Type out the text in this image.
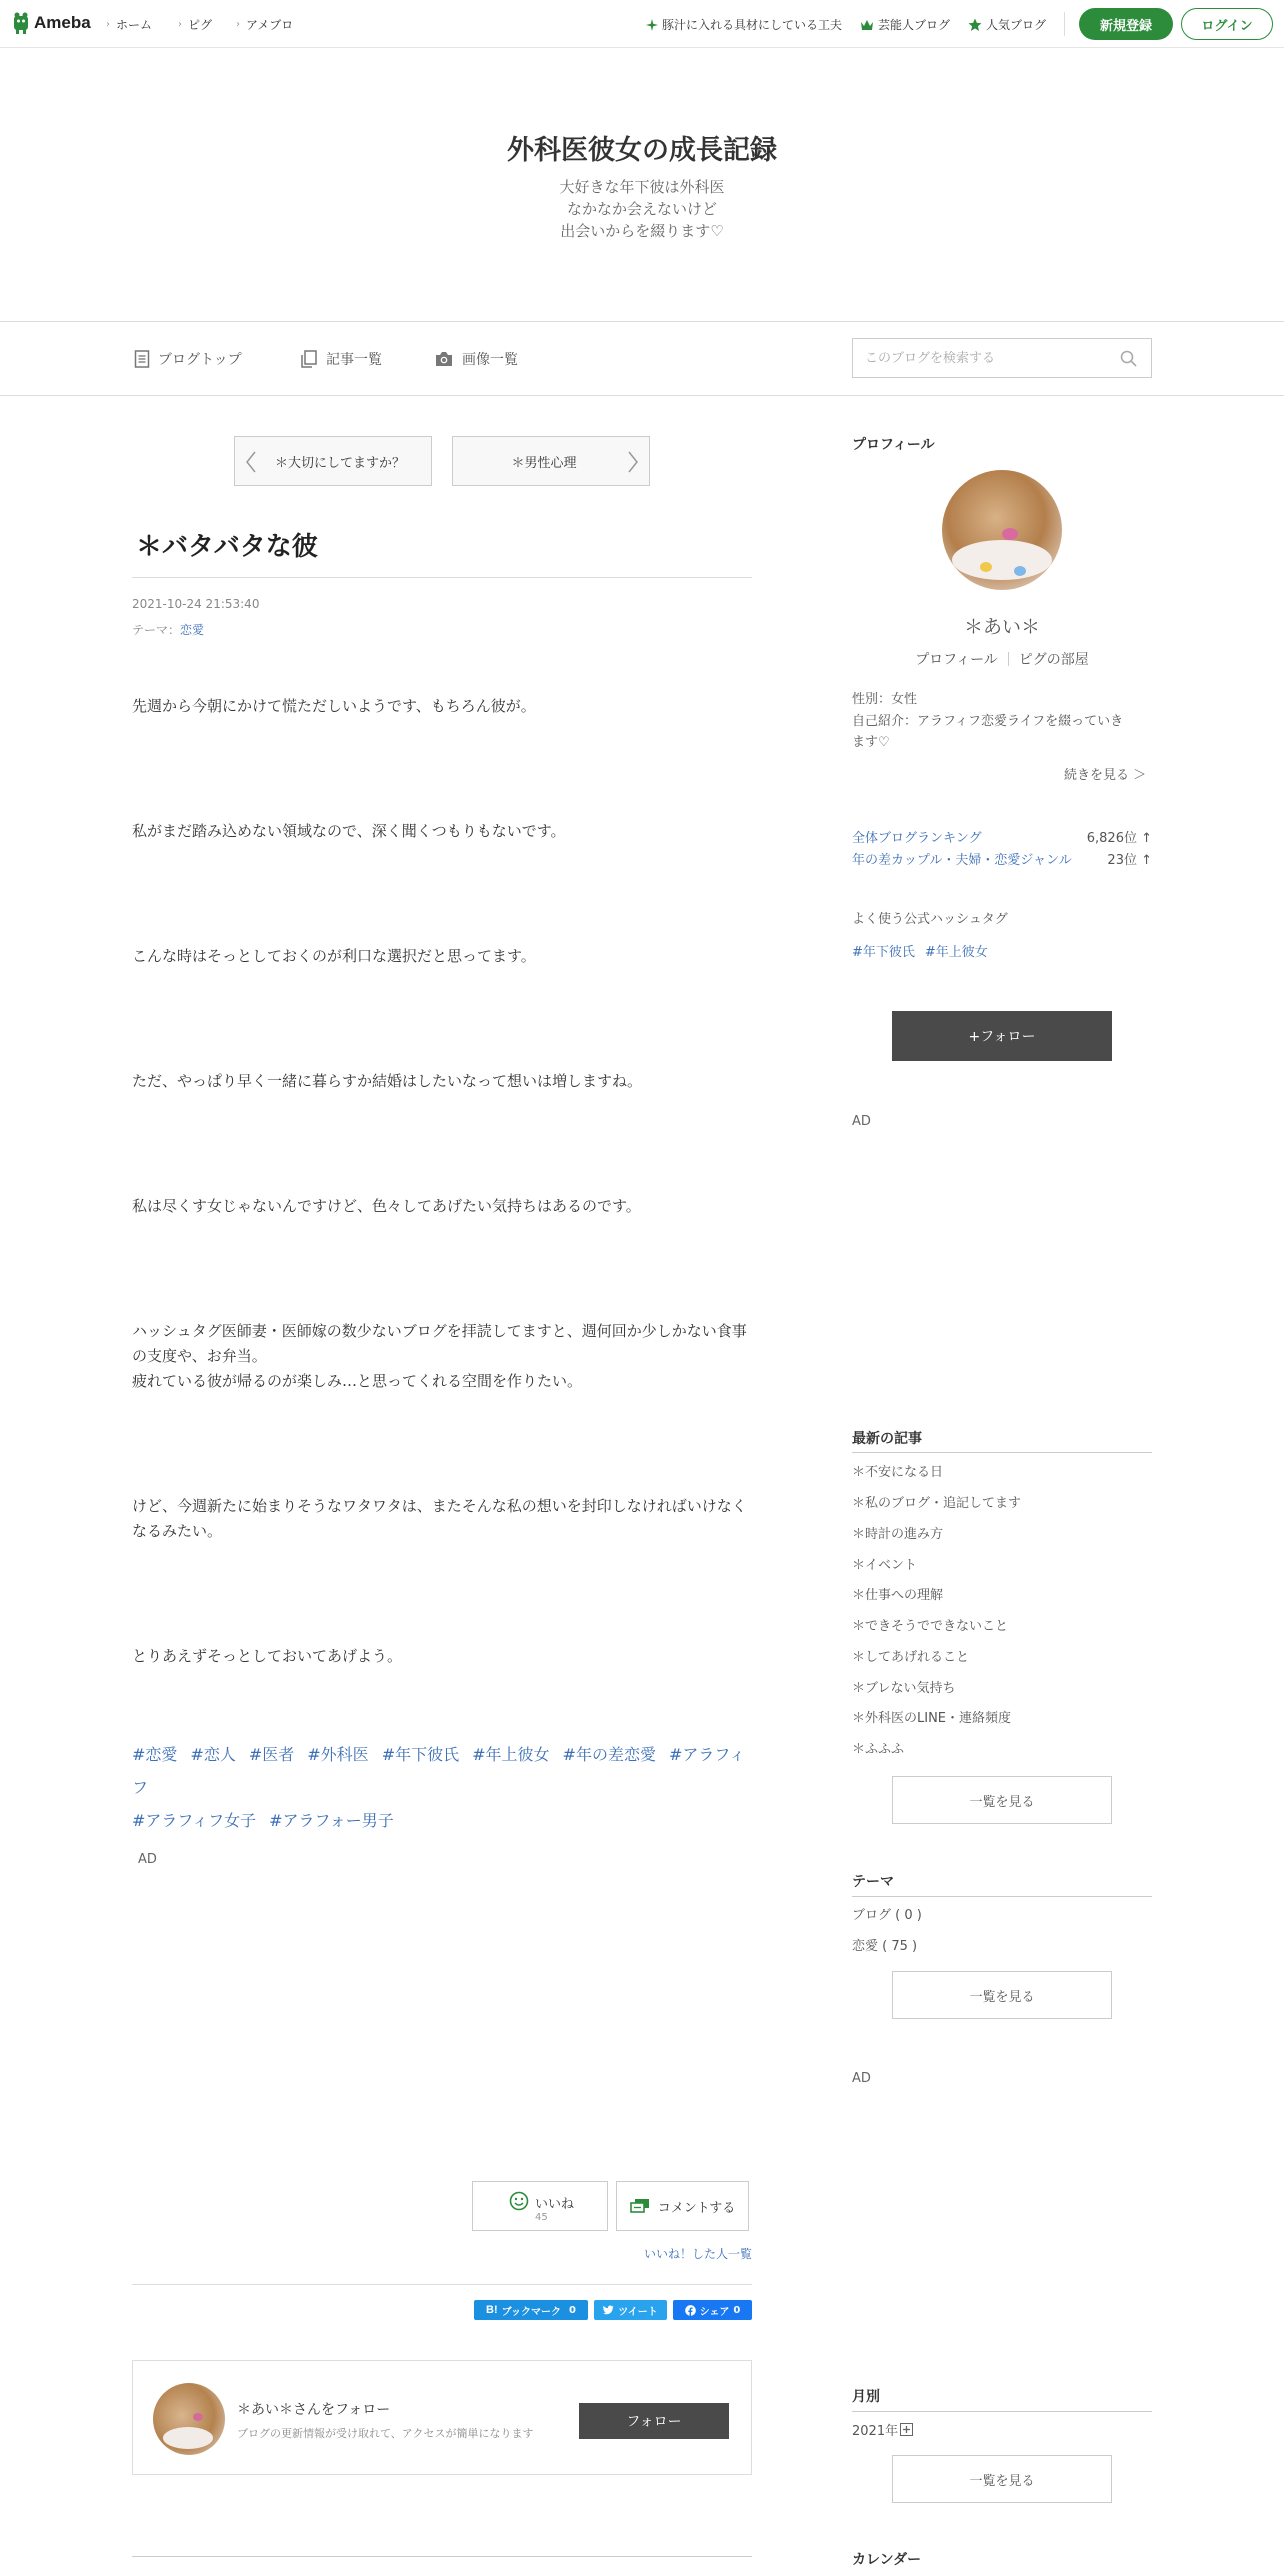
Ameba › ホーム	› ピグ › アメブロ	豚汁に入れる具材にしている工夫	芸能人ブログ	人気ブログ	新規登録	ログイン
外科医彼女の成長記録
大好きな年下彼は外科医
なかなか会えないけど
出会いからを綴ります♡
ブログトップ	記事一覧	画像一覧
このブログを検索する
＊大切にしてますか？	＊男性心理
＊バタバタな彼
2021-10-24 21:53:40
テーマ：恋愛

先週から今朝にかけて慌ただしいようです、もちろん彼が。

私がまだ踏み込めない領域なので、深く聞くつもりもないです。

こんな時はそっとしておくのが利口な選択だと思ってます。

ただ、やっぱり早く一緒に暮らすか結婚はしたいなって想いは増しますね。

私は尽くす女じゃないんですけど、色々してあげたい気持ちはあるのです。

ハッシュタグ医師妻・医師嫁の数少ないブログを拝読してますと、週何回か少しかない食事の支度や、お弁当。

疲れている彼が帰るのが楽しみ…と思ってくれる空間を作りたい。

けど、今週新たに始まりそうなワタワタは、またそんな私の想いを封印しなければいけなくなるみたい。

とりあえずそっとしておいてあげよう。

#恋愛 #恋人 #医者 #外科医 #年下彼氏 #年上彼女 #年の差恋愛 #アラフィフ
#アラフィフ女子 #アラフォー男子
AD
いいね
45
コメントする
いいね！した人一覧
B! ブックマーク 0	ツイート	シェア 0
＊あい＊さんをフォロー
ブログの更新情報が受け取れて、アクセスが簡単になります
フォロー
プロフィール
＊あい＊
プロフィール ピグの部屋
性別：女性
自己紹介：アラフィフ恋愛ライフを綴っていき
ます♡
続きを見る ＞
全体ブログランキング	6,826位 ↑
年の差カップル・夫婦・恋愛ジャンル	23位 ↑
よく使う公式ハッシュタグ
#年下彼氏 #年上彼女
+フォロー
AD
最新の記事
＊不安になる日
＊私のブログ・追記してます
＊時計の進み方
＊イベント
＊仕事への理解
＊できそうでできないこと
＊してあげれること
＊ブレない気持ち
＊外科医のLINE・連絡頻度
＊ふふふ
一覧を見る
テーマ
ブログ ( 0 )
恋愛 ( 75 )
一覧を見る
AD
月別
2021年
一覧を見る
カレンダー
